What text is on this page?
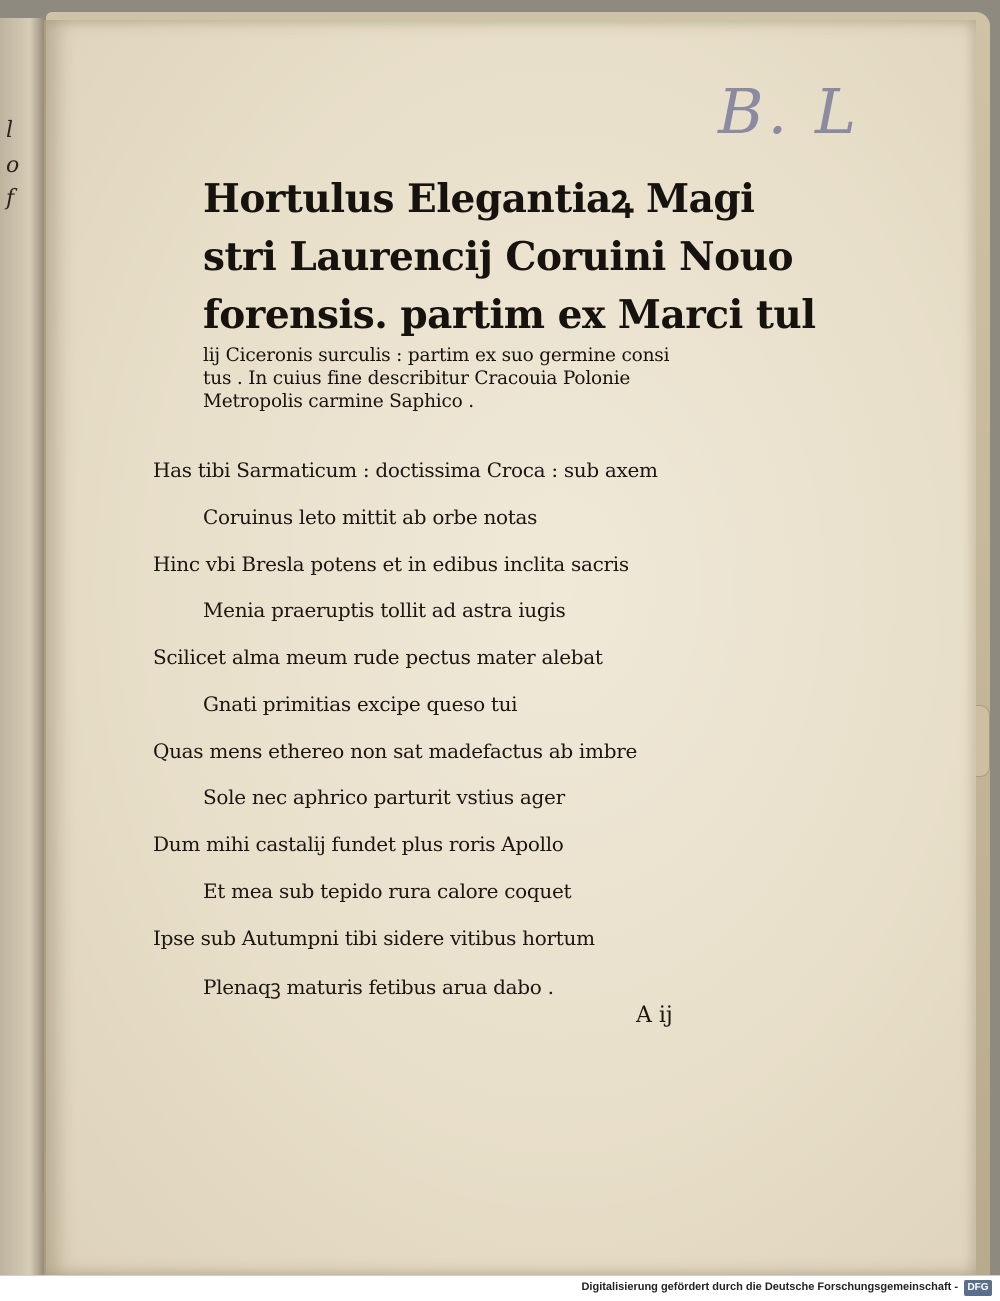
l
o
f
B. L
Hortulus Elegantiaꝝ Magi
stri Laurencij Coruini Nouo
forensis. partim ex Marci tul
lij Ciceronis surculis : partim ex suo germine consi
tus . In cuius fine describitur Cracouia Polonie
Metropolis carmine Saphico .
Has tibi Sarmaticum : doctissima Croca : sub axem
Coruinus leto mittit ab orbe notas
Hinc vbi Bresla potens et in edibus inclita sacris
Menia praeruptis tollit ad astra iugis
Scilicet alma meum rude pectus mater alebat
Gnati primitias excipe queso tui
Quas mens ethereo non sat madefactus ab imbre
Sole nec aphrico parturit vstius ager
Dum mihi castalij fundet plus roris Apollo
Et mea sub tepido rura calore coquet
Ipse sub Autumpni tibi sidere vitibus hortum
Plenaqꝫ maturis fetibus arua dabo .
A ij
Digitalisierung gefördert durch die Deutsche Forschungsgemeinschaft - DFG
